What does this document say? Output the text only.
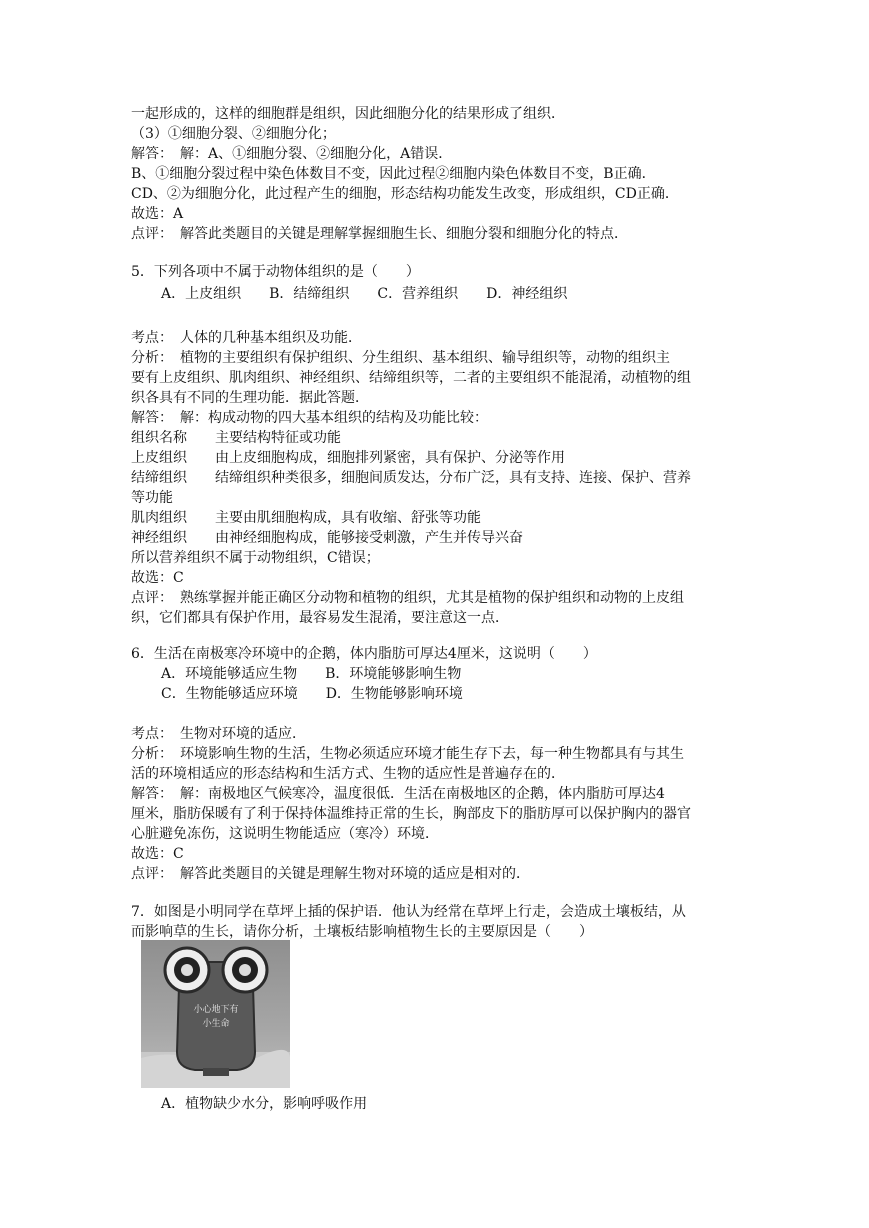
一起形成的，这样的细胞群是组织，因此细胞分化的结果形成了组织．
（3）①细胞分裂、②细胞分化；
解答：　解：A、①细胞分裂、②细胞分化，A错误．
B、①细胞分裂过程中染色体数目不变，因此过程②细胞内染色体数目不变，B正确．
CD、②为细胞分化，此过程产生的细胞，形态结构功能发生改变，形成组织，CD正确．
故选：A
点评：　解答此类题目的关键是理解掌握细胞生长、细胞分裂和细胞分化的特点．
5．下列各项中不属于动物体组织的是（　　）
A．上皮组织　　B．结缔组织　　C．营养组织　　D．神经组织
考点：　人体的几种基本组织及功能．
分析：　植物的主要组织有保护组织、分生组织、基本组织、输导组织等，动物的组织主
要有上皮组织、肌肉组织、神经组织、结缔组织等，二者的主要组织不能混淆，动植物的组
织各具有不同的生理功能．据此答题．
解答：　解：构成动物的四大基本组织的结构及功能比较：
组织名称　　主要结构特征或功能
上皮组织　　由上皮细胞构成，细胞排列紧密，具有保护、分泌等作用
结缔组织　　结缔组织种类很多，细胞间质发达，分布广泛，具有支持、连接、保护、营养
等功能
肌肉组织　　主要由肌细胞构成，具有收缩、舒张等功能
神经组织　　由神经细胞构成，能够接受刺激，产生并传导兴奋
所以营养组织不属于动物组织，C错误；
故选：C
点评：　熟练掌握并能正确区分动物和植物的组织，尤其是植物的保护组织和动物的上皮组
织，它们都具有保护作用，最容易发生混淆，要注意这一点．
6．生活在南极寒冷环境中的企鹅，体内脂肪可厚达4厘米，这说明（　　）
A．环境能够适应生物　　B．环境能够影响生物
C．生物能够适应环境　　D．生物能够影响环境
考点：　生物对环境的适应．
分析：　环境影响生物的生活，生物必须适应环境才能生存下去，每一种生物都具有与其生
活的环境相适应的形态结构和生活方式、生物的适应性是普遍存在的．
解答：　解：南极地区气候寒冷，温度很低．生活在南极地区的企鹅，体内脂肪可厚达4
厘米，脂肪保暖有了利于保持体温维持正常的生长，胸部皮下的脂肪厚可以保护胸内的器官
心脏避免冻伤，这说明生物能适应（寒冷）环境．
故选：C
点评：　解答此类题目的关键是理解生物对环境的适应是相对的．
7．如图是小明同学在草坪上插的保护语．他认为经常在草坪上行走，会造成土壤板结，从
而影响草的生长，请你分析，土壤板结影响植物生长的主要原因是（　　）
小心地下有
小生命
A．植物缺少水分，影响呼吸作用
